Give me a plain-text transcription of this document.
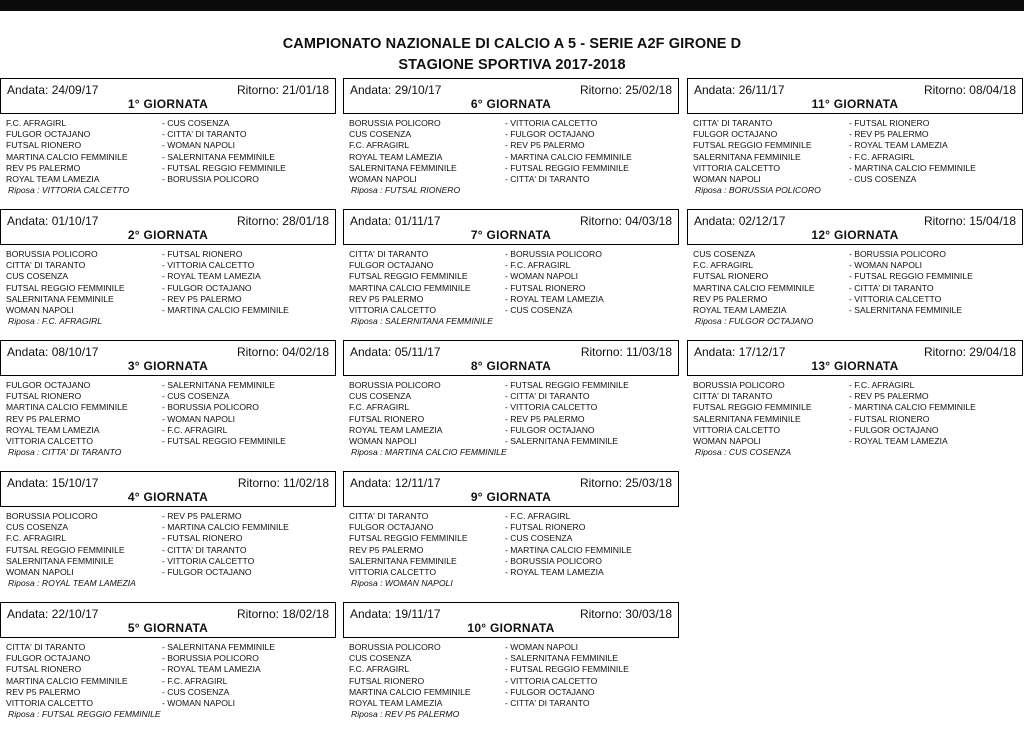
CAMPIONATO NAZIONALE DI CALCIO A 5 - SERIE A2F GIRONE D
STAGIONE SPORTIVA 2017-2018
Andata: 24/09/17	Ritorno: 21/01/18
1° GIORNATA
F.C. AFRAGIRL	- CUS COSENZA
FULGOR OCTAJANO	- CITTA' DI TARANTO
FUTSAL RIONERO	- WOMAN NAPOLI
MARTINA CALCIO FEMMINILE	- SALERNITANA FEMMINILE
REV P5 PALERMO	- FUTSAL REGGIO FEMMINILE
ROYAL TEAM LAMEZIA	- BORUSSIA POLICORO
Riposa : VITTORIA CALCETTO
Andata: 01/10/17	Ritorno: 28/01/18
2° GIORNATA
BORUSSIA POLICORO	- FUTSAL RIONERO
CITTA' DI TARANTO	- VITTORIA CALCETTO
CUS COSENZA	- ROYAL TEAM LAMEZIA
FUTSAL REGGIO FEMMINILE	- FULGOR OCTAJANO
SALERNITANA FEMMINILE	- REV P5 PALERMO
WOMAN NAPOLI	- MARTINA CALCIO FEMMINILE
Riposa : F.C. AFRAGIRL
Andata: 08/10/17	Ritorno: 04/02/18
3° GIORNATA
FULGOR OCTAJANO	- SALERNITANA FEMMINILE
FUTSAL RIONERO	- CUS COSENZA
MARTINA CALCIO FEMMINILE	- BORUSSIA POLICORO
REV P5 PALERMO	- WOMAN NAPOLI
ROYAL TEAM LAMEZIA	- F.C. AFRAGIRL
VITTORIA CALCETTO	- FUTSAL REGGIO FEMMINILE
Riposa : CITTA' DI TARANTO
Andata: 15/10/17	Ritorno: 11/02/18
4° GIORNATA
BORUSSIA POLICORO	- REV P5 PALERMO
CUS COSENZA	- MARTINA CALCIO FEMMINILE
F.C. AFRAGIRL	- FUTSAL RIONERO
FUTSAL REGGIO FEMMINILE	- CITTA' DI TARANTO
SALERNITANA FEMMINILE	- VITTORIA CALCETTO
WOMAN NAPOLI	- FULGOR OCTAJANO
Riposa : ROYAL TEAM LAMEZIA
Andata: 22/10/17	Ritorno: 18/02/18
5° GIORNATA
CITTA' DI TARANTO	- SALERNITANA FEMMINILE
FULGOR OCTAJANO	- BORUSSIA POLICORO
FUTSAL RIONERO	- ROYAL TEAM LAMEZIA
MARTINA CALCIO FEMMINILE	- F.C. AFRAGIRL
REV P5 PALERMO	- CUS COSENZA
VITTORIA CALCETTO	- WOMAN NAPOLI
Riposa : FUTSAL REGGIO FEMMINILE
Andata: 29/10/17	Ritorno: 25/02/18
6° GIORNATA
BORUSSIA POLICORO	- VITTORIA CALCETTO
CUS COSENZA	- FULGOR OCTAJANO
F.C. AFRAGIRL	- REV P5 PALERMO
ROYAL TEAM LAMEZIA	- MARTINA CALCIO FEMMINILE
SALERNITANA FEMMINILE	- FUTSAL REGGIO FEMMINILE
WOMAN NAPOLI	- CITTA' DI TARANTO
Riposa : FUTSAL RIONERO
Andata: 01/11/17	Ritorno: 04/03/18
7° GIORNATA
CITTA' DI TARANTO	- BORUSSIA POLICORO
FULGOR OCTAJANO	- F.C. AFRAGIRL
FUTSAL REGGIO FEMMINILE	- WOMAN NAPOLI
MARTINA CALCIO FEMMINILE	- FUTSAL RIONERO
REV P5 PALERMO	- ROYAL TEAM LAMEZIA
VITTORIA CALCETTO	- CUS COSENZA
Riposa : SALERNITANA FEMMINILE
Andata: 05/11/17	Ritorno: 11/03/18
8° GIORNATA
BORUSSIA POLICORO	- FUTSAL REGGIO FEMMINILE
CUS COSENZA	- CITTA' DI TARANTO
F.C. AFRAGIRL	- VITTORIA CALCETTO
FUTSAL RIONERO	- REV P5 PALERMO
ROYAL TEAM LAMEZIA	- FULGOR OCTAJANO
WOMAN NAPOLI	- SALERNITANA FEMMINILE
Riposa : MARTINA CALCIO FEMMINILE
Andata: 12/11/17	Ritorno: 25/03/18
9° GIORNATA
CITTA' DI TARANTO	- F.C. AFRAGIRL
FULGOR OCTAJANO	- FUTSAL RIONERO
FUTSAL REGGIO FEMMINILE	- CUS COSENZA
REV P5 PALERMO	- MARTINA CALCIO FEMMINILE
SALERNITANA FEMMINILE	- BORUSSIA POLICORO
VITTORIA CALCETTO	- ROYAL TEAM LAMEZIA
Riposa : WOMAN NAPOLI
Andata: 19/11/17	Ritorno: 30/03/18
10° GIORNATA
BORUSSIA POLICORO	- WOMAN NAPOLI
CUS COSENZA	- SALERNITANA FEMMINILE
F.C. AFRAGIRL	- FUTSAL REGGIO FEMMINILE
FUTSAL RIONERO	- VITTORIA CALCETTO
MARTINA CALCIO FEMMINILE	- FULGOR OCTAJANO
ROYAL TEAM LAMEZIA	- CITTA' DI TARANTO
Riposa : REV P5 PALERMO
Andata: 26/11/17	Ritorno: 08/04/18
11° GIORNATA
CITTA' DI TARANTO	- FUTSAL RIONERO
FULGOR OCTAJANO	- REV P5 PALERMO
FUTSAL REGGIO FEMMINILE	- ROYAL TEAM LAMEZIA
SALERNITANA FEMMINILE	- F.C. AFRAGIRL
VITTORIA CALCETTO	- MARTINA CALCIO FEMMINILE
WOMAN NAPOLI	- CUS COSENZA
Riposa : BORUSSIA POLICORO
Andata: 02/12/17	Ritorno: 15/04/18
12° GIORNATA
CUS COSENZA	- BORUSSIA POLICORO
F.C. AFRAGIRL	- WOMAN NAPOLI
FUTSAL RIONERO	- FUTSAL REGGIO FEMMINILE
MARTINA CALCIO FEMMINILE	- CITTA' DI TARANTO
REV P5 PALERMO	- VITTORIA CALCETTO
ROYAL TEAM LAMEZIA	- SALERNITANA FEMMINILE
Riposa : FULGOR OCTAJANO
Andata: 17/12/17	Ritorno: 29/04/18
13° GIORNATA
BORUSSIA POLICORO	- F.C. AFRAGIRL
CITTA' DI TARANTO	- REV P5 PALERMO
FUTSAL REGGIO FEMMINILE	- MARTINA CALCIO FEMMINILE
SALERNITANA FEMMINILE	- FUTSAL RIONERO
VITTORIA CALCETTO	- FULGOR OCTAJANO
WOMAN NAPOLI	- ROYAL TEAM LAMEZIA
Riposa : CUS COSENZA
